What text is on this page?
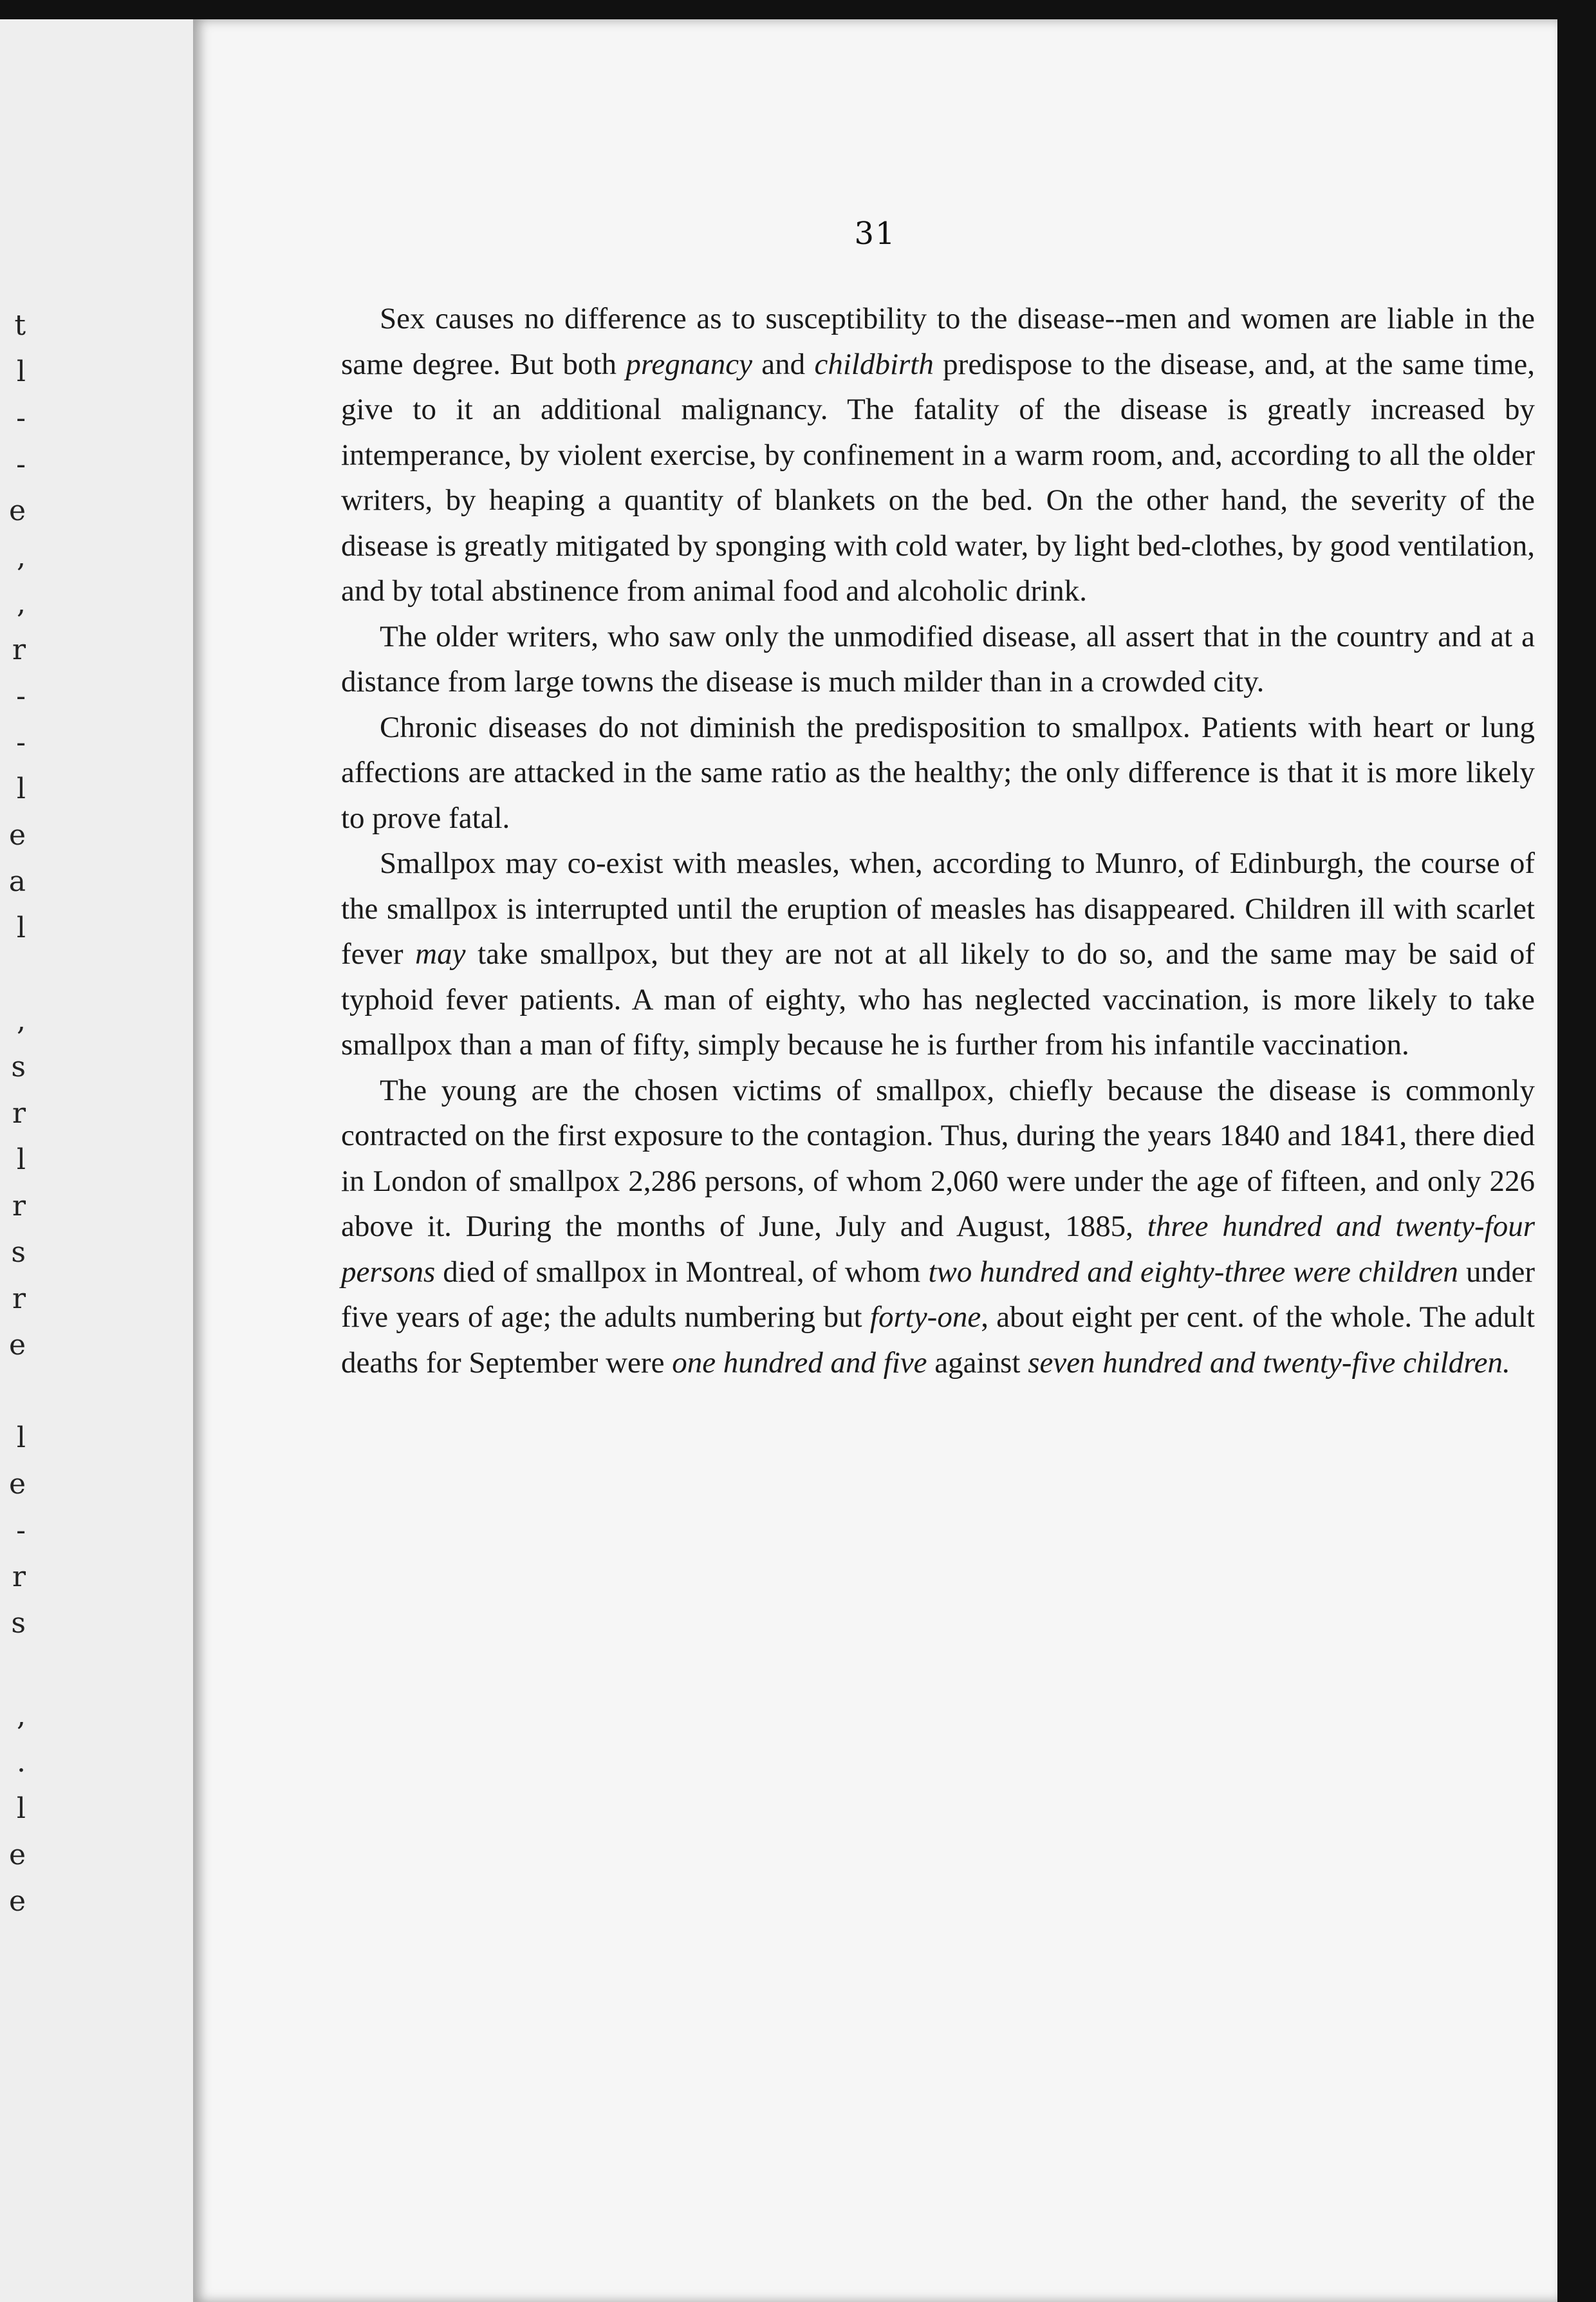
t
l
-
-
e
,
,
r
-
-
l
e
a
l
,
s
r
l
r
s
r
e
l
e
-
r
s
,
.
l
e
e
31

Sex causes no difference as to susceptibility to the disease--men and women are liable in the same degree. But both pregnancy and childbirth predispose to the disease, and, at the same time, give to it an additional malignancy. The fatality of the disease is greatly increased by intemperance, by violent exercise, by confinement in a warm room, and, according to all the older writers, by heaping a quantity of blankets on the bed. On the other hand, the severity of the disease is greatly mitigated by sponging with cold water, by light bed-clothes, by good ventilation, and by total abstinence from animal food and alcoholic drink.

The older writers, who saw only the unmodified disease, all assert that in the country and at a distance from large towns the disease is much milder than in a crowded city.

Chronic diseases do not diminish the predisposition to smallpox. Patients with heart or lung affections are attacked in the same ratio as the healthy; the only difference is that it is more likely to prove fatal.

Smallpox may co-exist with measles, when, according to Munro, of Edinburgh, the course of the smallpox is interrupted until the eruption of measles has disappeared. Children ill with scarlet fever may take smallpox, but they are not at all likely to do so, and the same may be said of typhoid fever patients. A man of eighty, who has neglected vaccination, is more likely to take smallpox than a man of fifty, simply because he is further from his infantile vaccination.

The young are the chosen victims of smallpox, chiefly because the disease is commonly contracted on the first exposure to the contagion. Thus, during the years 1840 and 1841, there died in London of smallpox 2,286 persons, of whom 2,060 were under the age of fifteen, and only 226 above it. During the months of June, July and August, 1885, three hundred and twenty-four persons died of smallpox in Montreal, of whom two hundred and eighty-three were children under five years of age; the adults numbering but forty-one, about eight per cent. of the whole. The adult deaths for September were one hundred and five against seven hundred and twenty-five children.
